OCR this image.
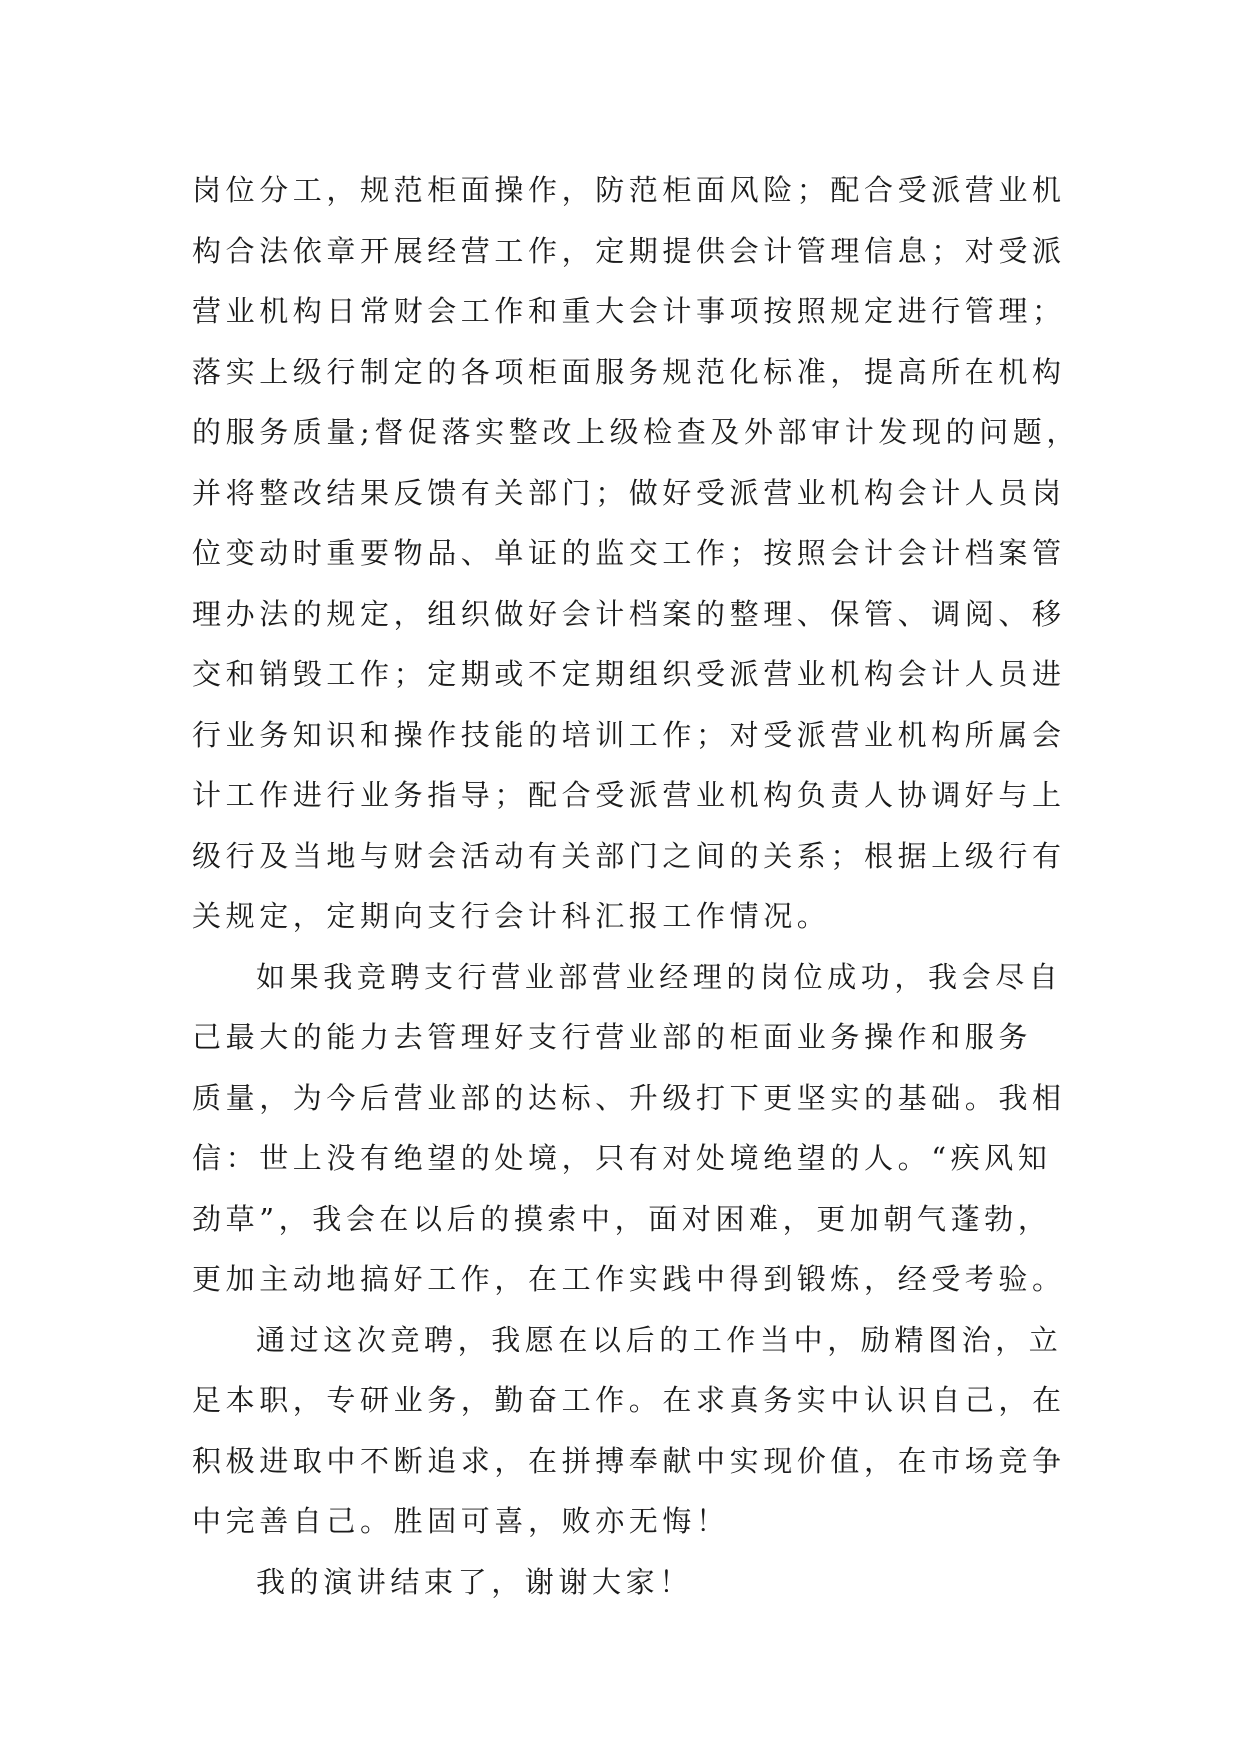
岗位分工，规范柜面操作，防范柜面风险；配合受派营业机
构合法依章开展经营工作，定期提供会计管理信息；对受派
营业机构日常财会工作和重大会计事项按照规定进行管理；
落实上级行制定的各项柜面服务规范化标准，提高所在机构
的服务质量;督促落实整改上级检查及外部审计发现的问题，
并将整改结果反馈有关部门；做好受派营业机构会计人员岗
位变动时重要物品、单证的监交工作；按照会计会计档案管
理办法的规定，组织做好会计档案的整理、保管、调阅、移
交和销毁工作；定期或不定期组织受派营业机构会计人员进
行业务知识和操作技能的培训工作；对受派营业机构所属会
计工作进行业务指导；配合受派营业机构负责人协调好与上
级行及当地与财会活动有关部门之间的关系；根据上级行有
关规定，定期向支行会计科汇报工作情况。
如果我竞聘支行营业部营业经理的岗位成功，我会尽自
己最大的能力去管理好支行营业部的柜面业务操作和服务
质量，为今后营业部的达标、升级打下更坚实的基础。我相
信：世上没有绝望的处境，只有对处境绝望的人。“疾风知
劲草”，我会在以后的摸索中，面对困难，更加朝气蓬勃，
更加主动地搞好工作，在工作实践中得到锻炼，经受考验。
通过这次竞聘，我愿在以后的工作当中，励精图治，立
足本职，专研业务，勤奋工作。在求真务实中认识自己，在
积极进取中不断追求，在拼搏奉献中实现价值，在市场竞争
中完善自己。胜固可喜，败亦无悔！
我的演讲结束了，谢谢大家！
